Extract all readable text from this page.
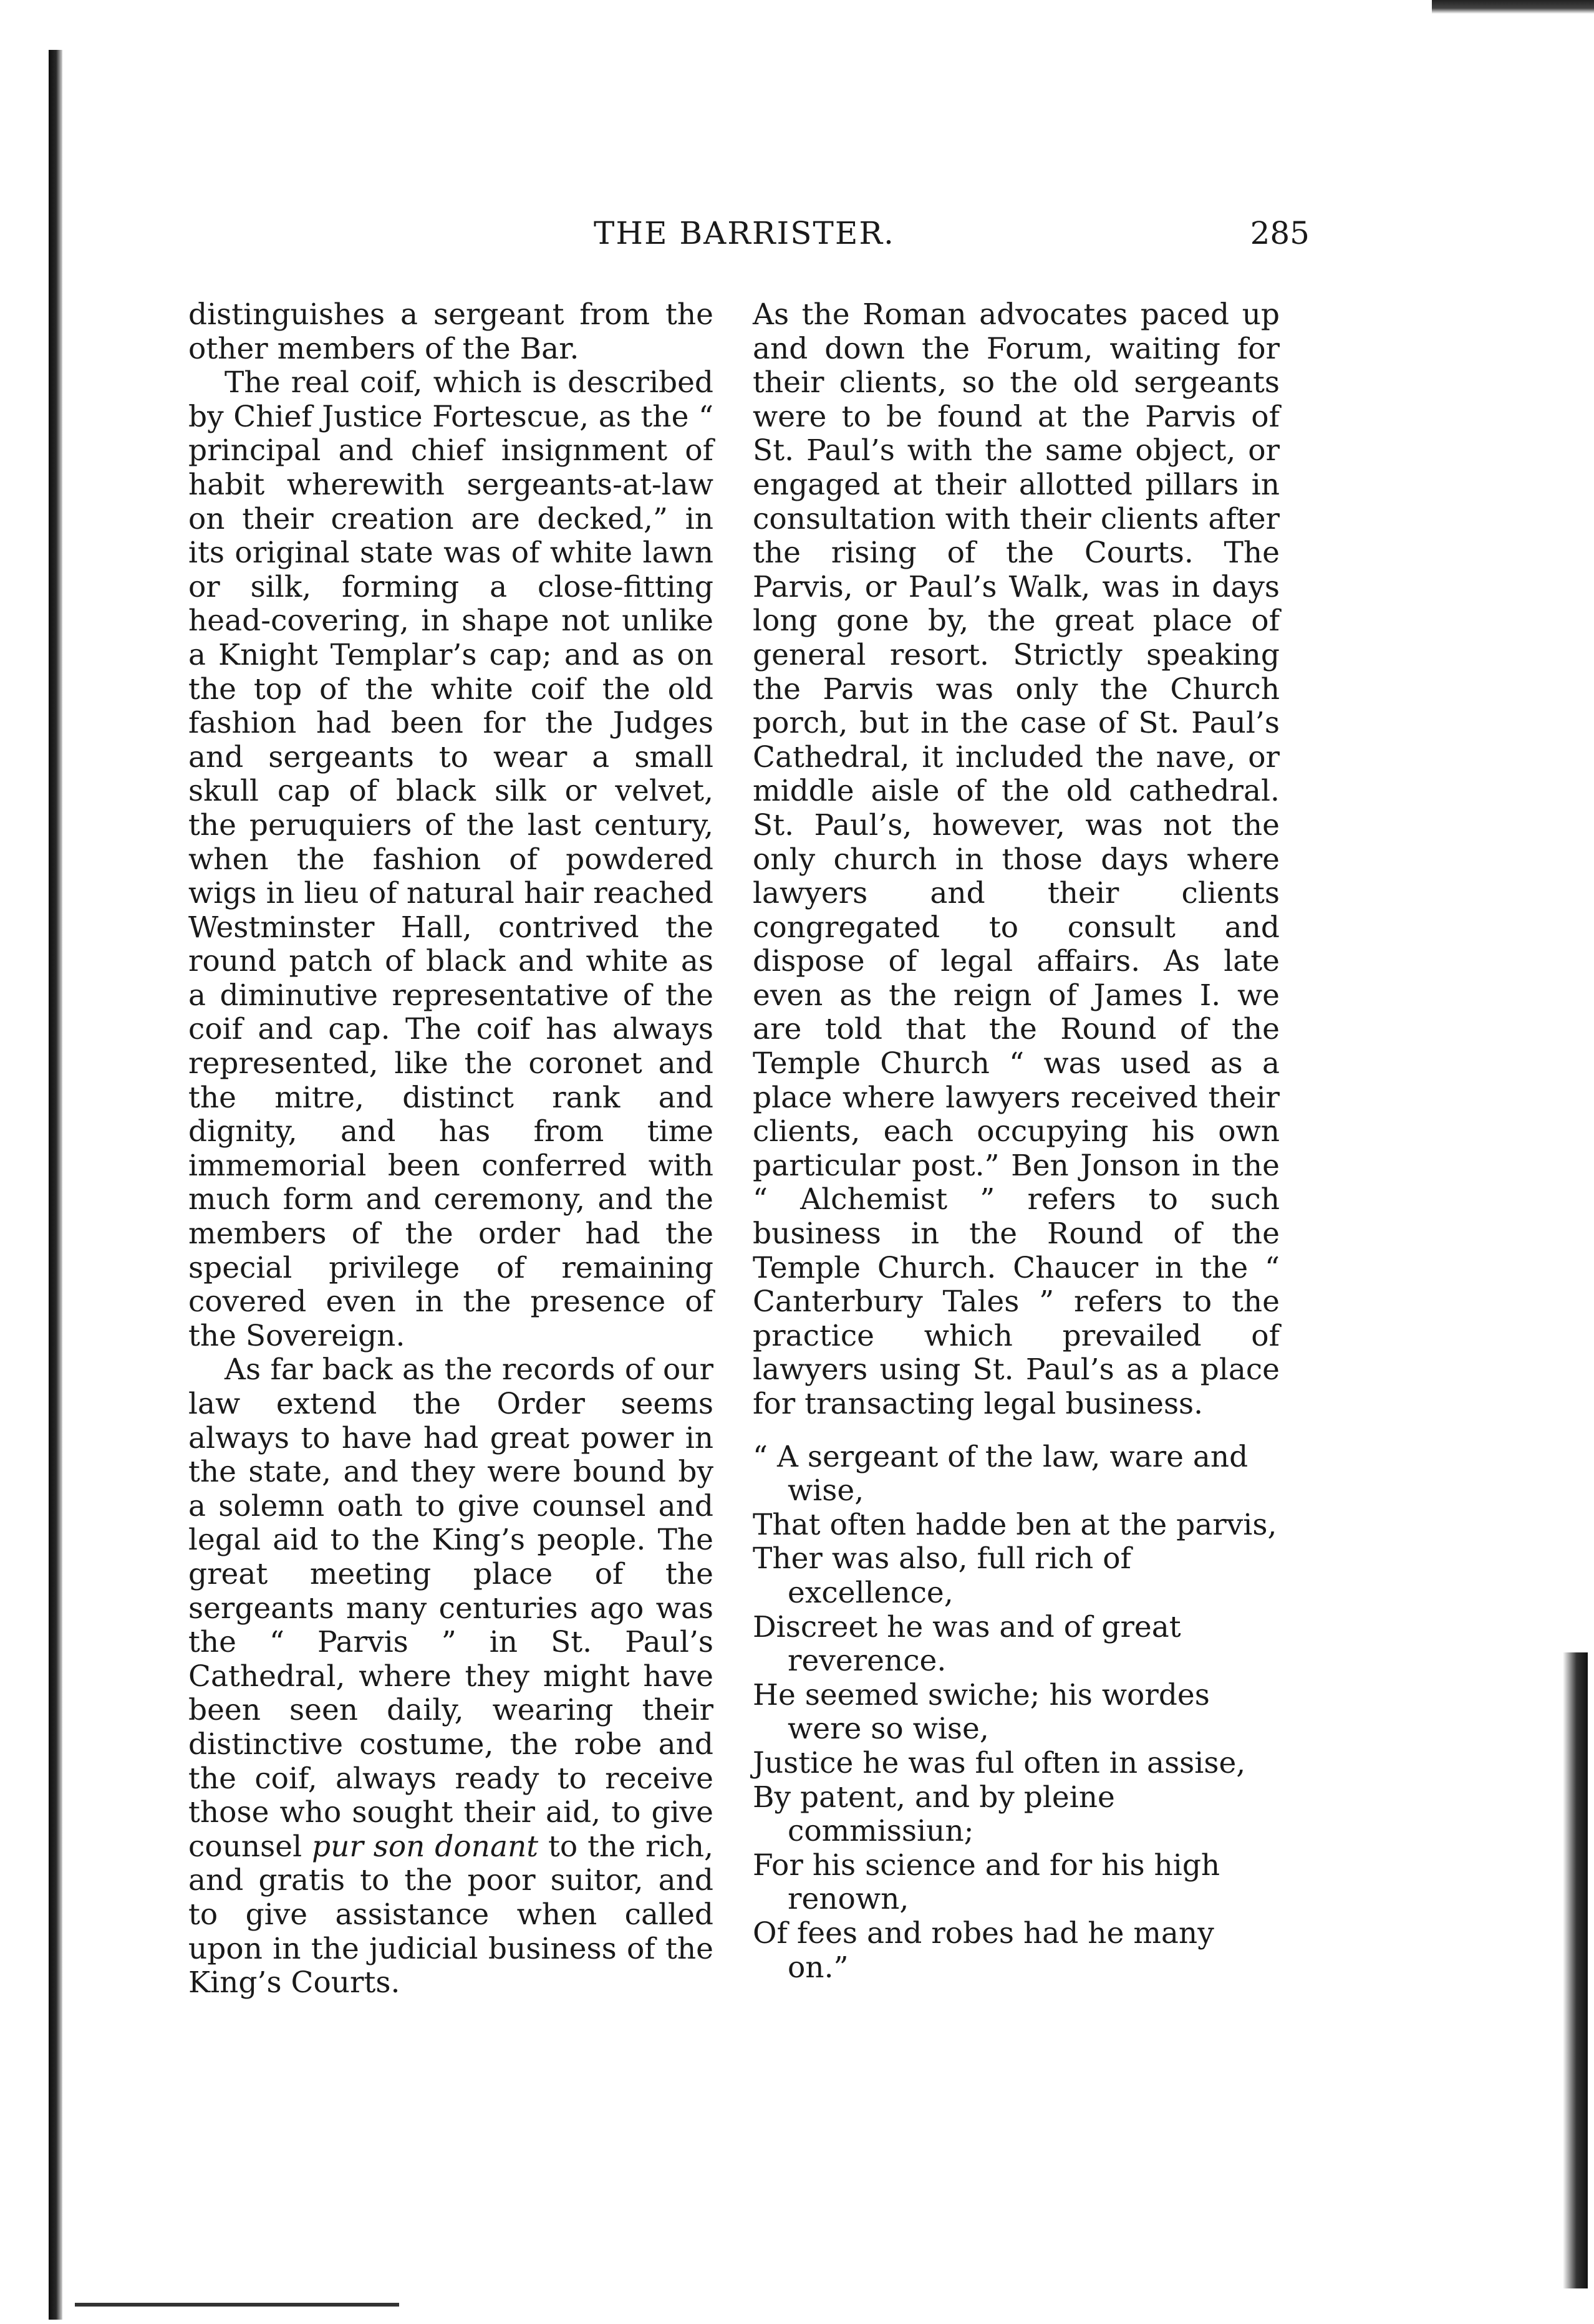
THE BARRISTER.	285

distinguishes a sergeant from the other members of the Bar.

The real coif, which is described by Chief Justice Fortescue, as the “ principal and chief insignment of habit wherewith sergeants-at-law on their creation are decked,” in its original state was of white lawn or silk, forming a close-fitting head-covering, in shape not unlike a Knight Templar’s cap; and as on the top of the white coif the old fashion had been for the Judges and sergeants to wear a small skull cap of black silk or velvet, the peruquiers of the last century, when the fashion of powdered wigs in lieu of natural hair reached Westminster Hall, contrived the round patch of black and white as a diminutive representative of the coif and cap. The coif has always represented, like the coronet and the mitre, distinct rank and dignity, and has from time immemorial been conferred with much form and ceremony, and the members of the order had the special privilege of remaining covered even in the presence of the Sovereign.

As far back as the records of our law extend the Order seems always to have had great power in the state, and they were bound by a solemn oath to give counsel and legal aid to the King’s people. The great meeting place of the sergeants many centuries ago was the “ Parvis ” in St. Paul’s Cathedral, where they might have been seen daily, wearing their distinctive costume, the robe and the coif, always ready to receive those who sought their aid, to give counsel pur son donant to the rich, and gratis to the poor suitor, and to give assistance when called upon in the judicial business of the King’s Courts.

As the Roman advocates paced up and down the Forum, waiting for their clients, so the old sergeants were to be found at the Parvis of St. Paul’s with the same object, or engaged at their allotted pillars in consultation with their clients after the rising of the Courts. The Parvis, or Paul’s Walk, was in days long gone by, the great place of general resort. Strictly speaking the Parvis was only the Church porch, but in the case of St. Paul’s Cathedral, it included the nave, or middle aisle of the old cathedral. St. Paul’s, however, was not the only church in those days where lawyers and their clients congregated to consult and dispose of legal affairs. As late even as the reign of James I. we are told that the Round of the Temple Church “ was used as a place where lawyers received their clients, each occupying his own particular post.” Ben Jonson in the “ Alchemist ” refers to such business in the Round of the Temple Church. Chaucer in the “ Canterbury Tales ” refers to the practice which prevailed of lawyers using St. Paul’s as a place for transacting legal business.

“ A sergeant of the law, ware and wise,
That often hadde ben at the parvis,
Ther was also, full rich of excellence,
Discreet he was and of great reverence.
He seemed swiche; his wordes were so wise,
Justice he was ful often in assise,
By patent, and by pleine commissiun;
For his science and for his high renown,
Of fees and robes had he many on.”
